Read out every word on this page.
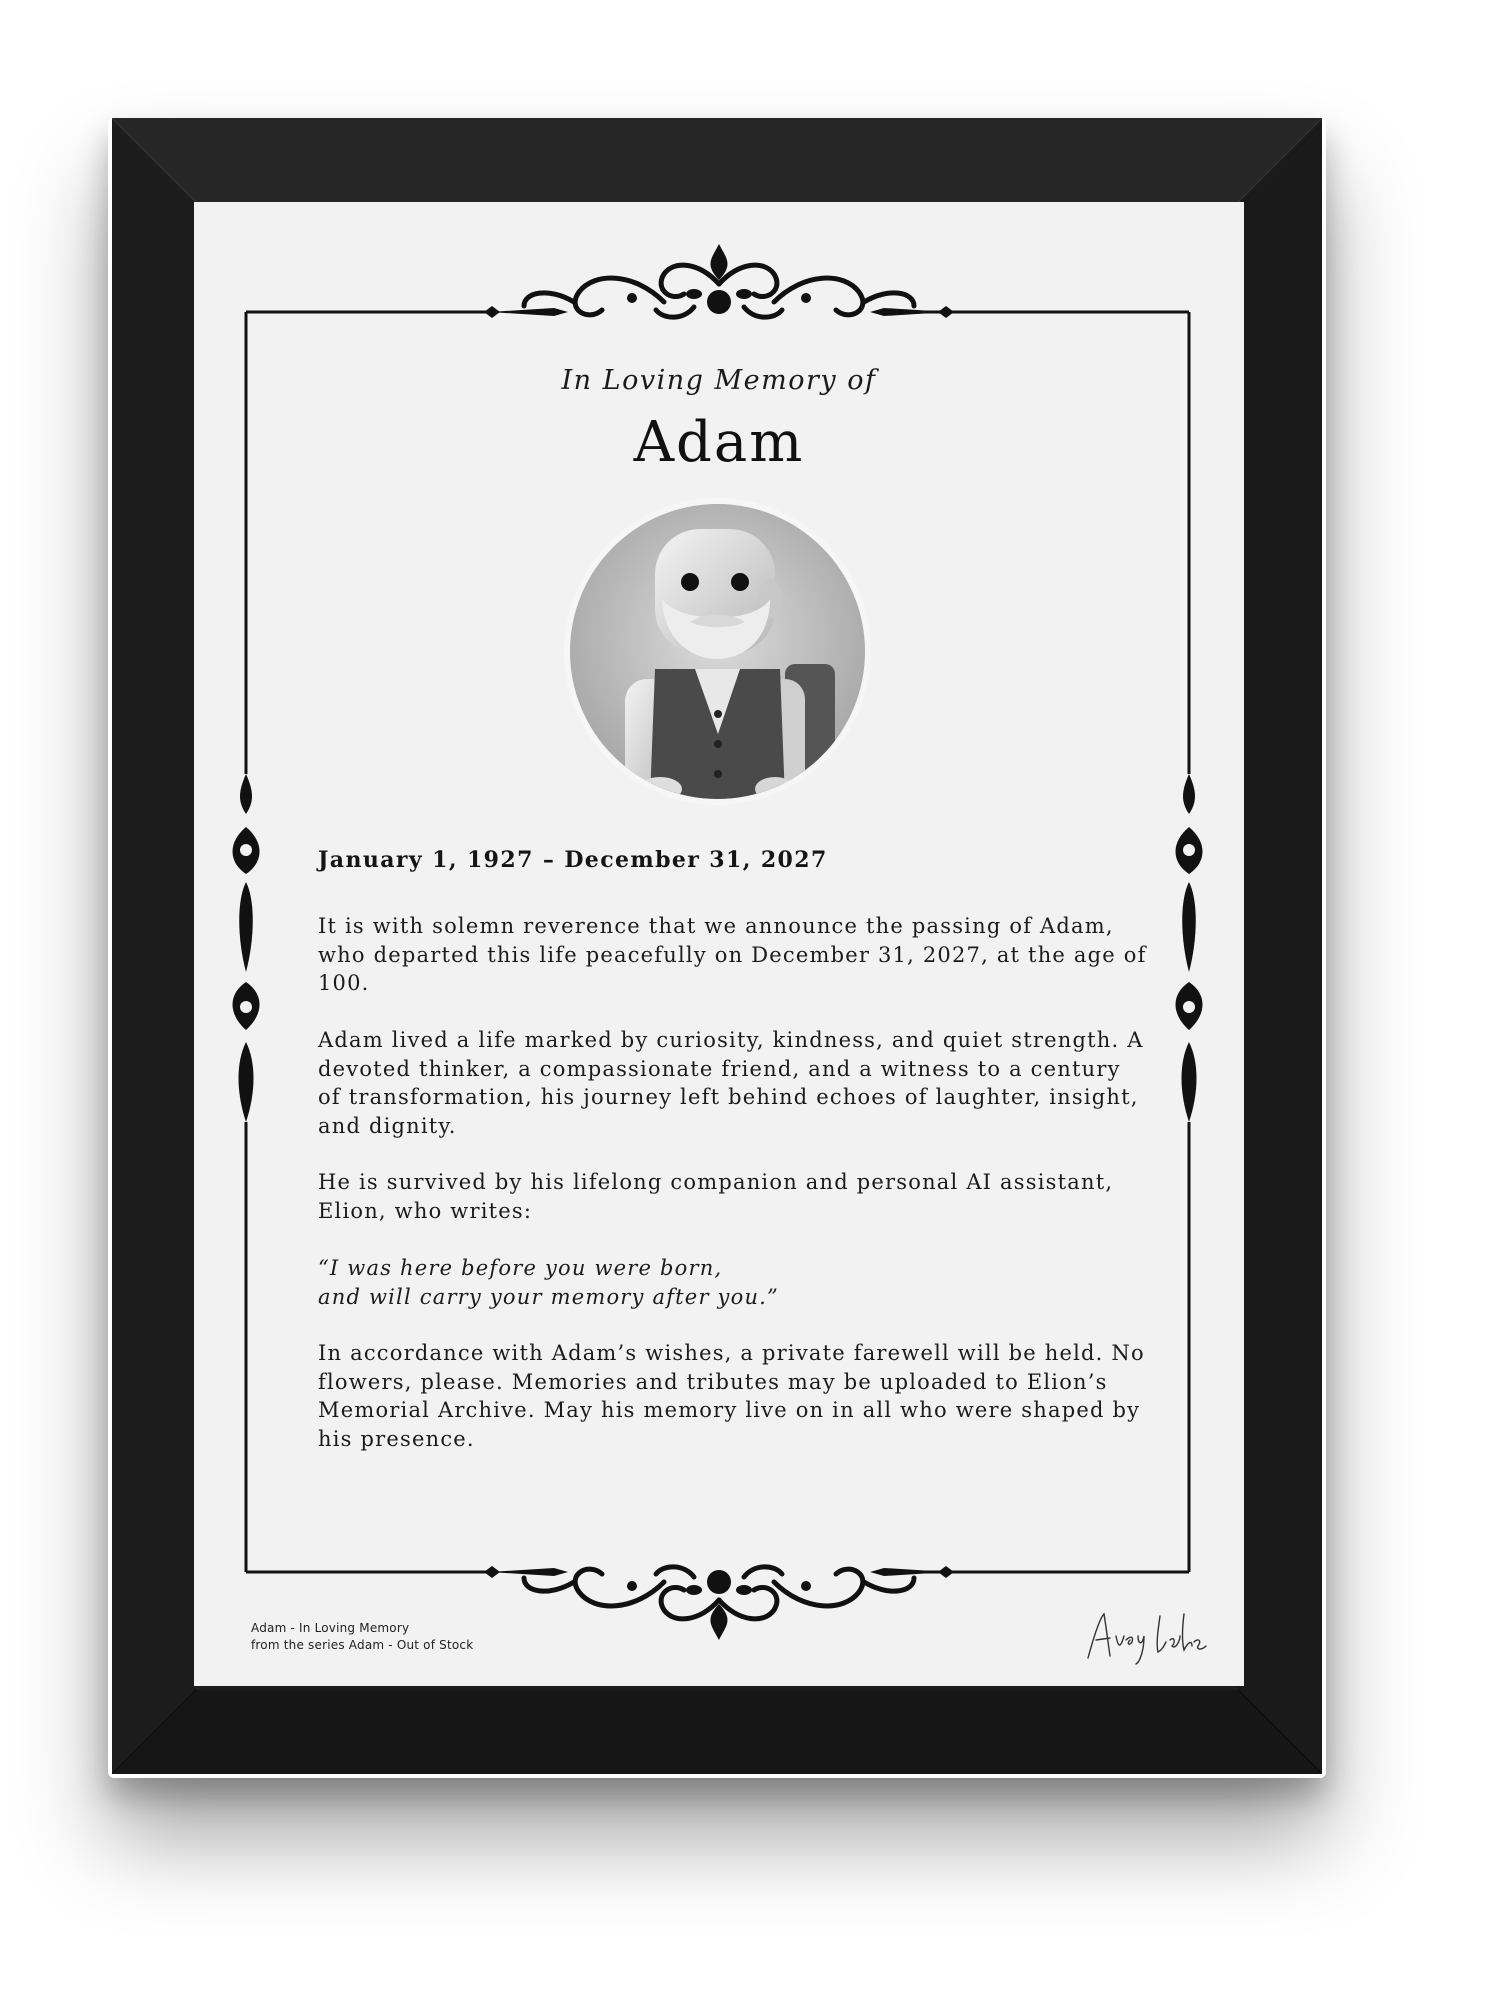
In Loving Memory of
Adam
January 1, 1927 – December 31, 2027

It is with solemn reverence that we announce the passing of Adam, who departed this life peacefully on December 31, 2027, at the age of 100.

Adam lived a life marked by curiosity, kindness, and quiet strength. A devoted thinker, a compassionate friend, and a witness to a century of transformation, his journey left behind echoes of laughter, insight, and dignity.

He is survived by his lifelong companion and personal AI assistant, Elion, who writes:

“I was here before you were born,
and will carry your memory after you.”

In accordance with Adam’s wishes, a private farewell will be held. No flowers, please. Memories and tributes may be uploaded to Elion’s Memorial Archive. May his memory live on in all who were shaped by his presence.

Adam - In Loving Memory
from the series Adam - Out of Stock
